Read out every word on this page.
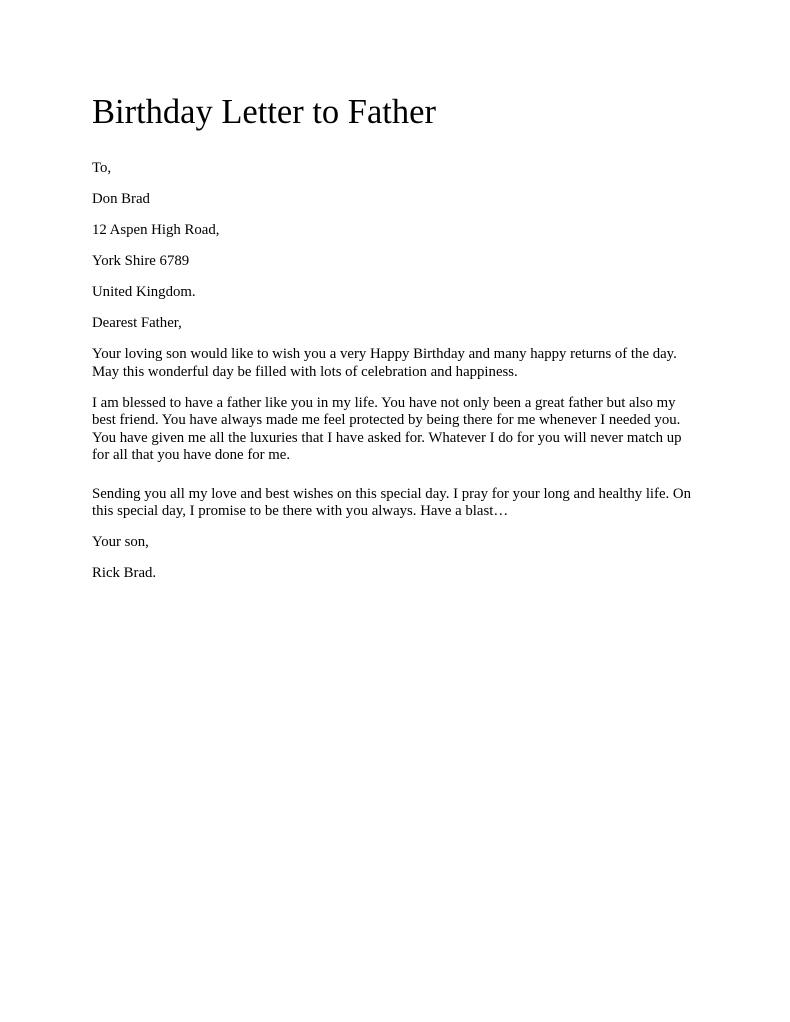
Birthday Letter to Father

To,

Don Brad

12 Aspen High Road,

York Shire 6789

United Kingdom.

Dearest Father,

Your loving son would like to wish you a very Happy Birthday and many happy returns of the day. May this wonderful day be filled with lots of celebration and happiness.

I am blessed to have a father like you in my life. You have not only been a great father but also my best friend. You have always made me feel protected by being there for me whenever I needed you. You have given me all the luxuries that I have asked for. Whatever I do for you will never match up for all that you have done for me.

Sending you all my love and best wishes on this special day. I pray for your long and healthy life. On this special day, I promise to be there with you always. Have a blast…

Your son,

Rick Brad.
